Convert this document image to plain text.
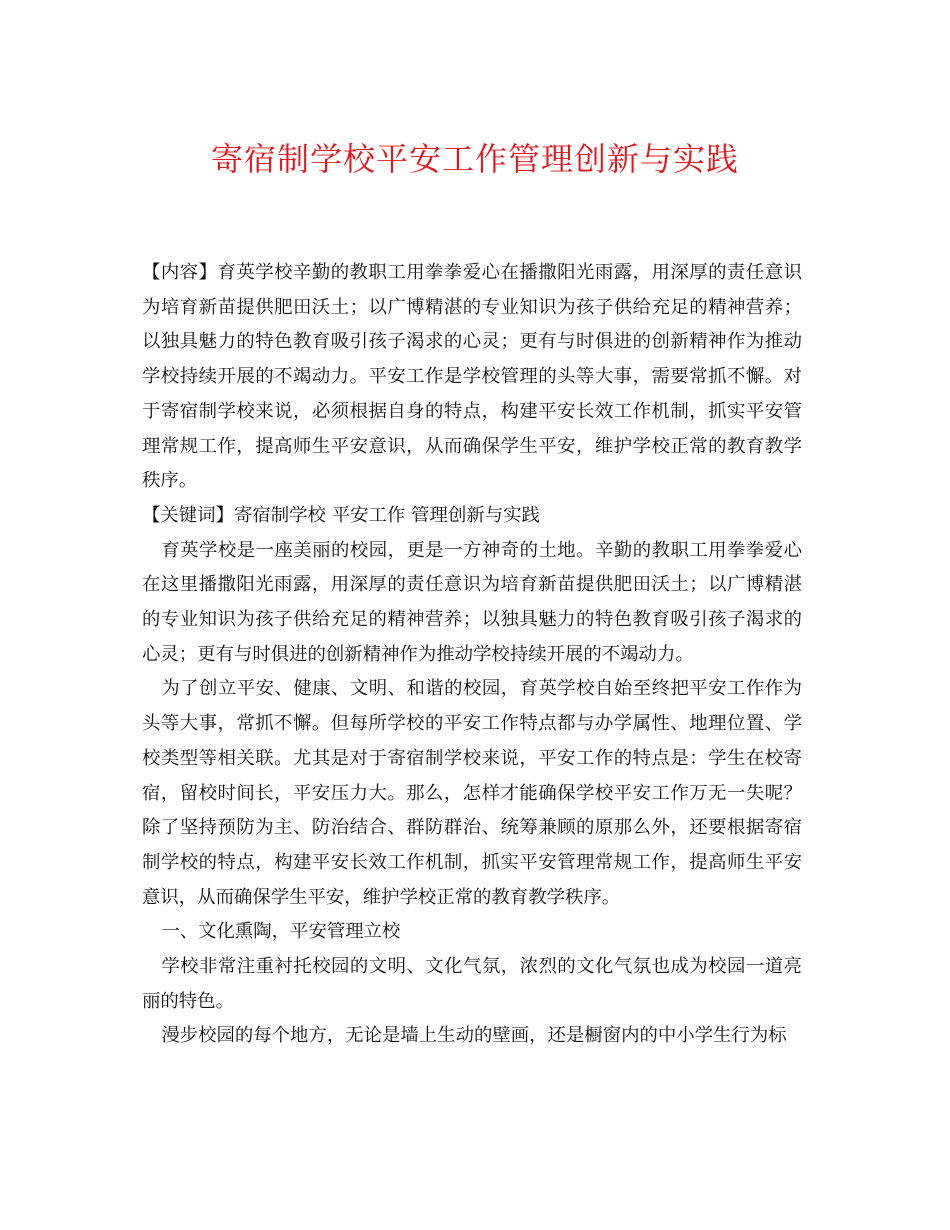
寄宿制学校平安工作管理创新与实践

【内容】育英学校辛勤的教职工用拳拳爱心在播撒阳光雨露，用深厚的责任意识为培育新苗提供肥田沃土；以广博精湛的专业知识为孩子供给充足的精神营养；以独具魅力的特色教育吸引孩子渴求的心灵；更有与时俱进的创新精神作为推动学校持续开展的不竭动力。平安工作是学校管理的头等大事，需要常抓不懈。对于寄宿制学校来说，必须根据自身的特点，构建平安长效工作机制，抓实平安管理常规工作，提高师生平安意识，从而确保学生平安，维护学校正常的教育教学秩序。

【关键词】寄宿制学校 平安工作 管理创新与实践

育英学校是一座美丽的校园，更是一方神奇的土地。辛勤的教职工用拳拳爱心在这里播撒阳光雨露，用深厚的责任意识为培育新苗提供肥田沃土；以广博精湛的专业知识为孩子供给充足的精神营养；以独具魅力的特色教育吸引孩子渴求的心灵；更有与时俱进的创新精神作为推动学校持续开展的不竭动力。

为了创立平安、健康、文明、和谐的校园，育英学校自始至终把平安工作作为头等大事，常抓不懈。但每所学校的平安工作特点都与办学属性、地理位置、学校类型等相关联。尤其是对于寄宿制学校来说，平安工作的特点是：学生在校寄宿，留校时间长，平安压力大。那么，怎样才能确保学校平安工作万无一失呢？除了坚持预防为主、防治结合、群防群治、统筹兼顾的原那么外，还要根据寄宿制学校的特点，构建平安长效工作机制，抓实平安管理常规工作，提高师生平安意识，从而确保学生平安，维护学校正常的教育教学秩序。

一、文化熏陶，平安管理立校

学校非常注重衬托校园的文明、文化气氛，浓烈的文化气氛也成为校园一道亮丽的特色。

漫步校园的每个地方，无论是墙上生动的壁画，还是橱窗内的中小学生行为标
